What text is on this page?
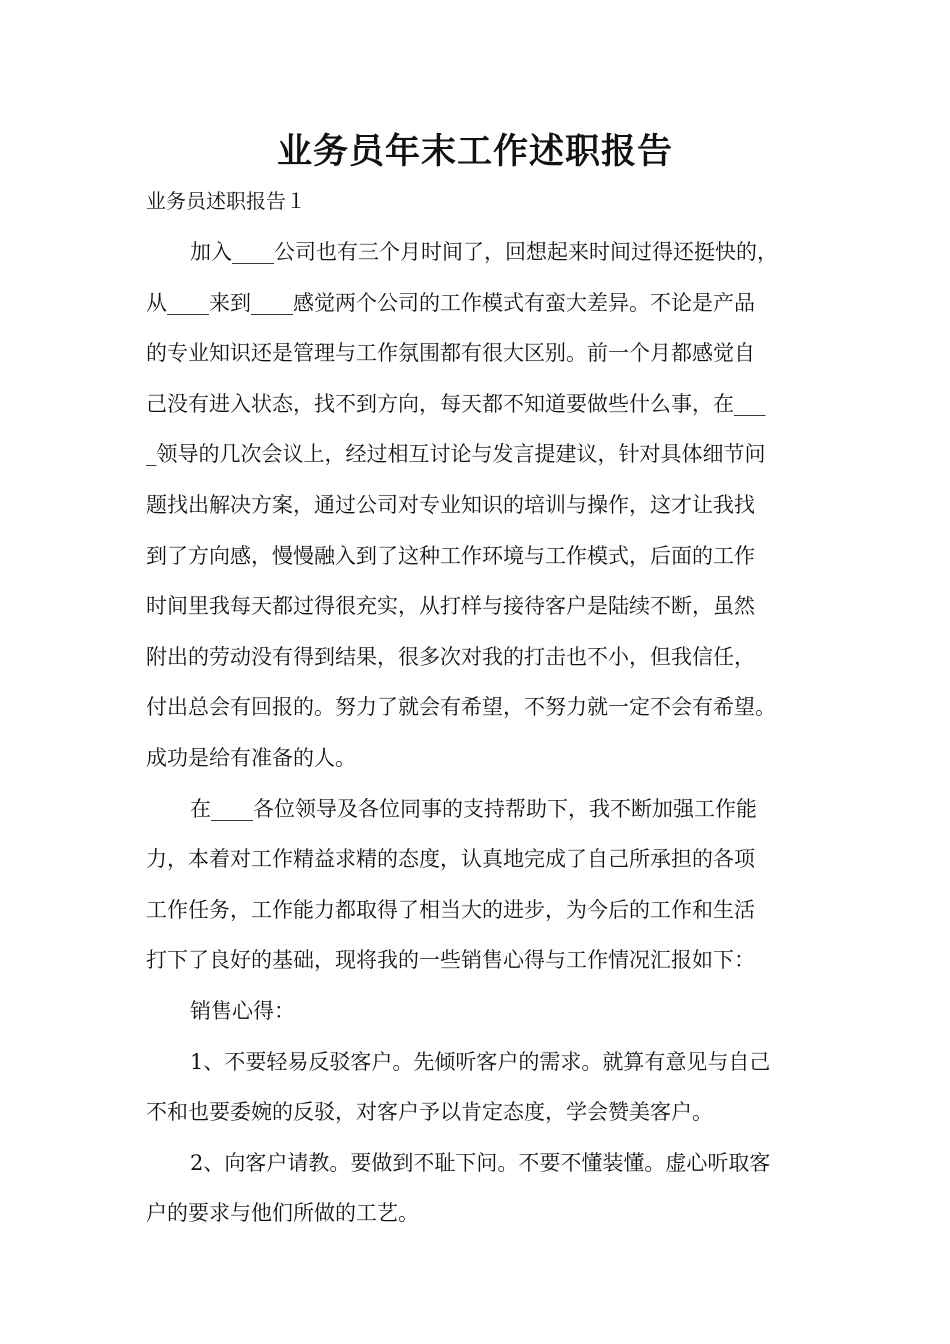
业务员年末工作述职报告

业务员述职报告１

加入____公司也有三个月时间了，回想起来时间过得还挺快的，
从____来到____感觉两个公司的工作模式有蛮大差异。不论是产品
的专业知识还是管理与工作氛围都有很大区别。前一个月都感觉自
己没有进入状态，找不到方向，每天都不知道要做些什么事，在___
_领导的几次会议上，经过相互讨论与发言提建议，针对具体细节问
题找出解决方案，通过公司对专业知识的培训与操作，这才让我找
到了方向感，慢慢融入到了这种工作环境与工作模式，后面的工作
时间里我每天都过得很充实，从打样与接待客户是陆续不断，虽然
附出的劳动没有得到结果，很多次对我的打击也不小，但我信任，
付出总会有回报的。努力了就会有希望，不努力就一定不会有希望。
成功是给有准备的人。
在____各位领导及各位同事的支持帮助下，我不断加强工作能
力，本着对工作精益求精的态度，认真地完成了自己所承担的各项
工作任务，工作能力都取得了相当大的进步，为今后的工作和生活
打下了良好的基础，现将我的一些销售心得与工作情况汇报如下：
销售心得：
1、不要轻易反驳客户。先倾听客户的需求。就算有意见与自己
不和也要委婉的反驳，对客户予以肯定态度，学会赞美客户。
2、向客户请教。要做到不耻下问。不要不懂装懂。虚心听取客
户的要求与他们所做的工艺。
